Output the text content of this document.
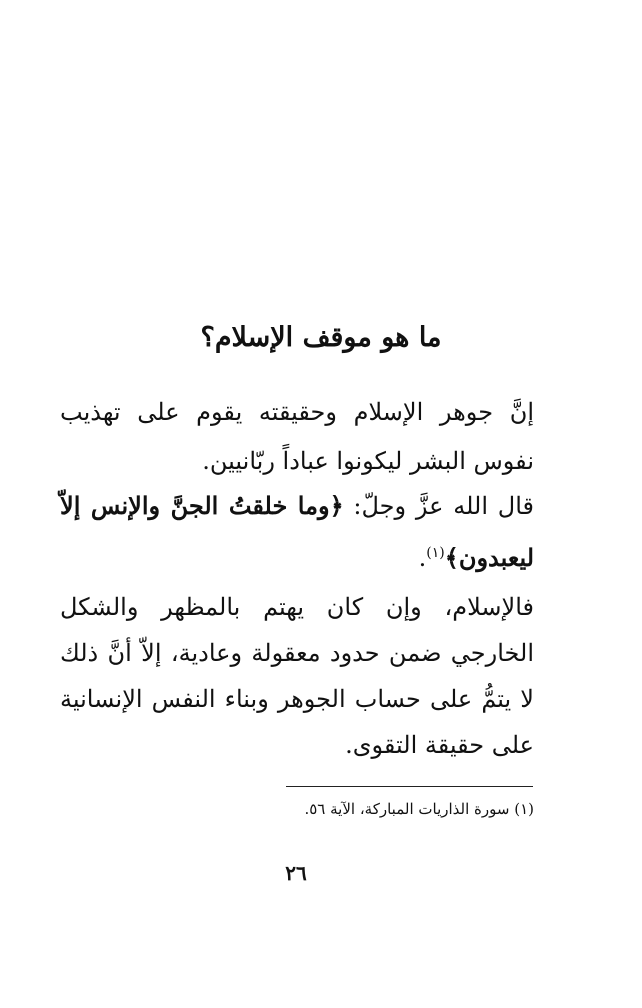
ما هو موقف الإسلام؟

إنَّ جوهر الإسلام وحقيقته يقوم على تهذيب نفوس البشر ليكونوا عباداً ربّانيين.

قال الله عزَّ وجلّ: ﴿وما خلقتُ الجنَّ والإنس إلاّ ليعبدون﴾$^{(١)}$.

فالإسلام، وإن كان يهتم بالمظهر والشكل الخارجي ضمن حدود معقولة وعادية، إلاّ أنَّ ذلك لا يتمُّ على حساب الجوهر وبناء النفس الإنسانية على حقيقة التقوى.

(١) سورة الذاريات المباركة، الآية ٥٦.
٢٦
